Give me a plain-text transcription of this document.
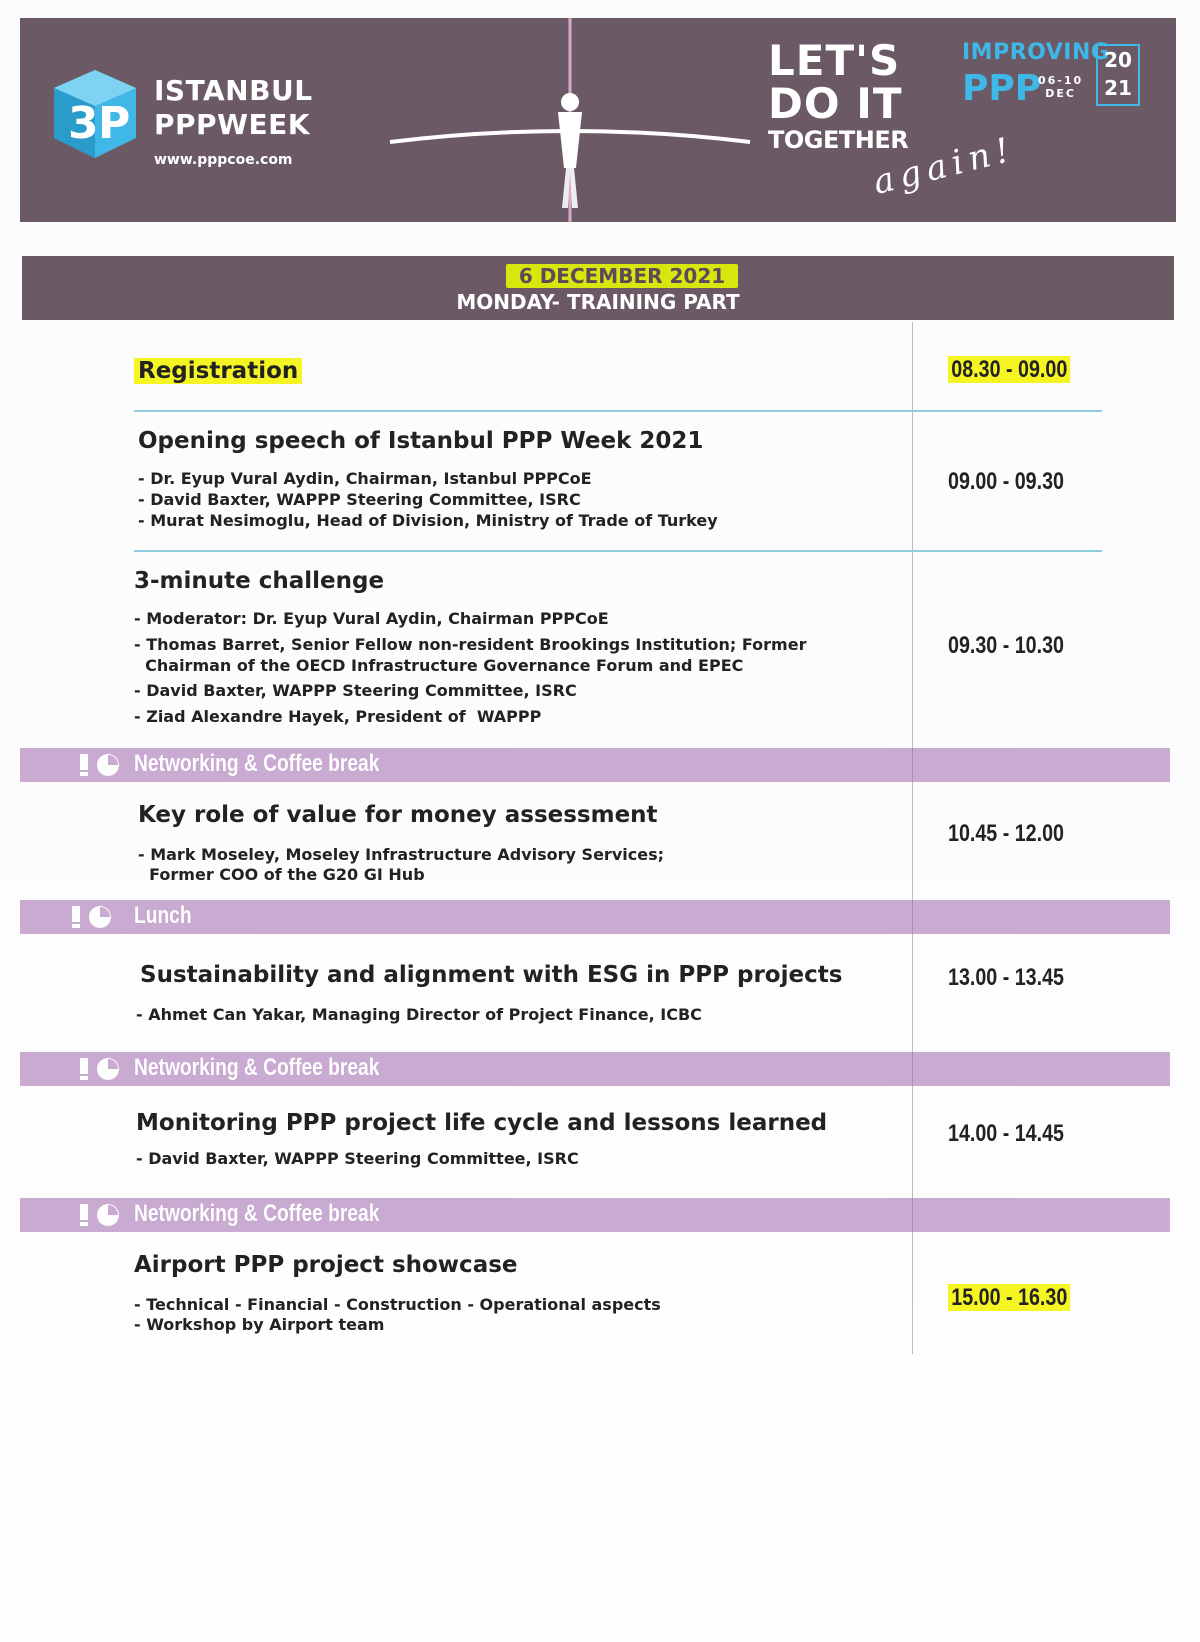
3 P
ISTANBUL
PPPWEEK
www.pppcoe.com
LET'S
DO IT
TOGETHER
again!
IMPROVING
PPP
06-10
DEC
20
21
6 DECEMBER 2021
MONDAY- TRAINING PART
Registration	08.30 - 09.00
Opening speech of Istanbul PPP Week 2021
- Dr. Eyup Vural Aydin, Chairman, Istanbul PPPCoE
- David Baxter, WAPPP Steering Committee, ISRC
- Murat Nesimoglu, Head of Division, Ministry of Trade of Turkey
09.00 - 09.30
3-minute challenge
- Moderator: Dr. Eyup Vural Aydin, Chairman PPPCoE
- Thomas Barret, Senior Fellow non-resident Brookings Institution; Former
Chairman of the OECD Infrastructure Governance Forum and EPEC
- David Baxter, WAPPP Steering Committee, ISRC
- Ziad Alexandre Hayek, President of  WAPPP
09.30 - 10.30
Networking & Coffee break
Key role of value for money assessment
- Mark Moseley, Moseley Infrastructure Advisory Services;
Former COO of the G20 GI Hub
10.45 - 12.00
Lunch
Sustainability and alignment with ESG in PPP projects
- Ahmet Can Yakar, Managing Director of Project Finance, ICBC
13.00 - 13.45
Networking & Coffee break
Monitoring PPP project life cycle and lessons learned
- David Baxter, WAPPP Steering Committee, ISRC
14.00 - 14.45
Networking & Coffee break
Airport PPP project showcase
- Technical - Financial - Construction - Operational aspects
- Workshop by Airport team
15.00 - 16.30
